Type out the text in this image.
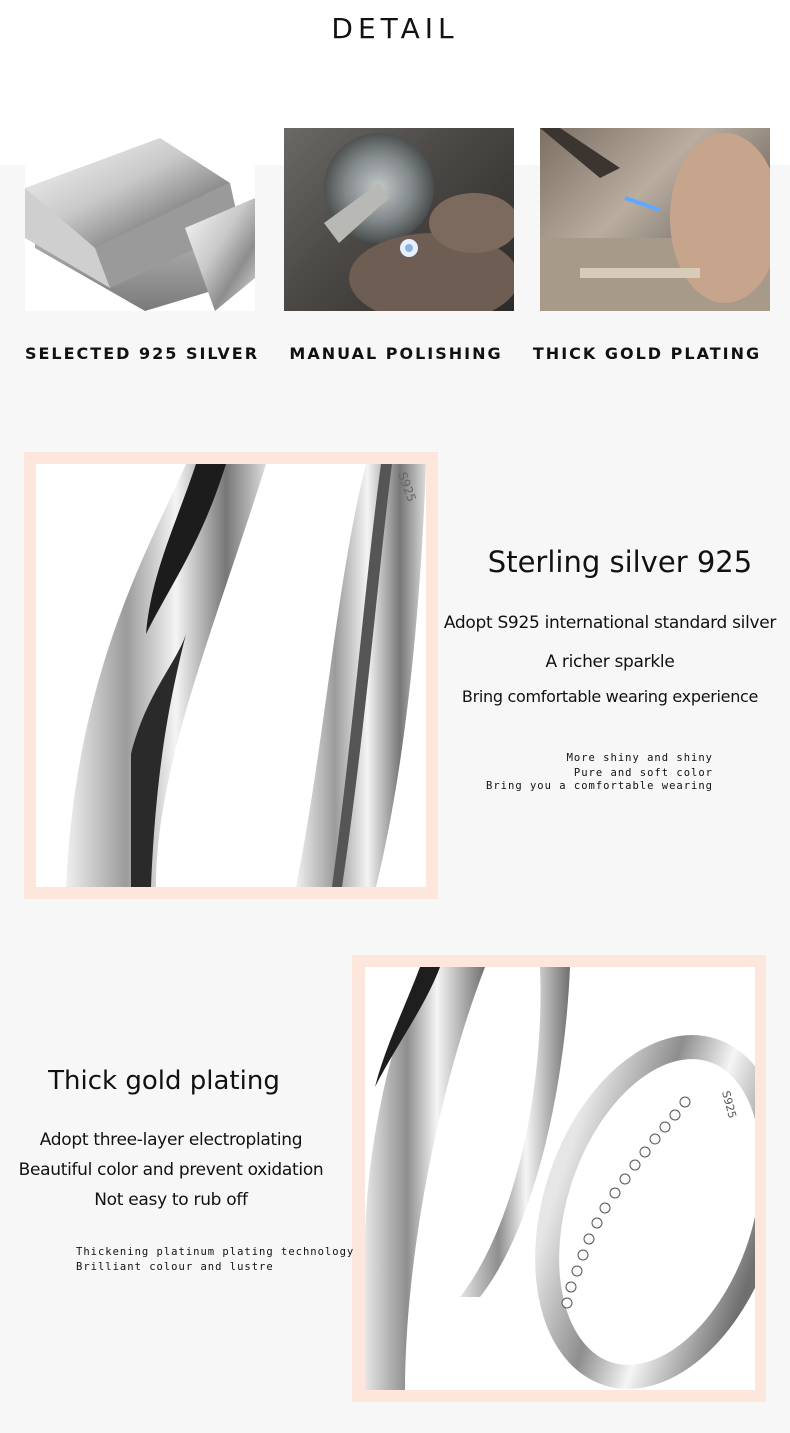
DETAIL
SELECTED 925 SILVER	MANUAL POLISHING	THICK GOLD PLATING
S925
Sterling silver 925
Adopt S925 international standard silver
A richer sparkle
Bring comfortable wearing experience
More shiny and shiny
Pure and soft color
Bring you a comfortable wearing
S925
Thick gold plating
Adopt three-layer electroplating
Beautiful color and prevent oxidation
Not easy to rub off
Thickening platinum plating technology
Brilliant colour and lustre
